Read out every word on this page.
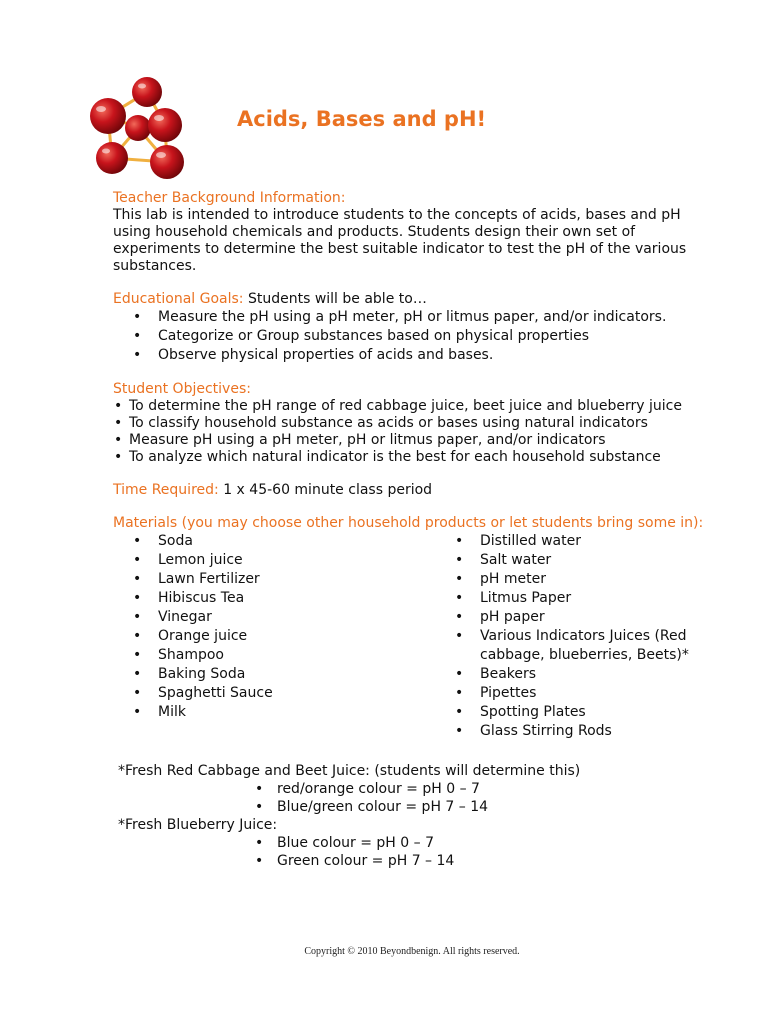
Acids, Bases and pH!
Teacher Background Information:

This lab is intended to introduce students to the concepts of acids, bases and pH using household chemicals and products. Students design their own set of experiments to determine the best suitable indicator to test the pH of the various substances.

Educational Goals: Students will be able to…
• Measure the pH using a pH meter, pH or litmus paper, and/or indicators.
• Categorize or Group substances based on physical properties
• Observe physical properties of acids and bases.
Student Objectives:
• To determine the pH range of red cabbage juice, beet juice and blueberry juice
• To classify household substance as acids or bases using natural indicators
• Measure pH using a pH meter, pH or litmus paper, and/or indicators
• To analyze which natural indicator is the best for each household substance
Time Required: 1 x 45-60 minute class period
Materials (you may choose other household products or let students bring some in):
• Soda
• Lemon juice
• Lawn Fertilizer
• Hibiscus Tea
• Vinegar
• Orange juice
• Shampoo
• Baking Soda
• Spaghetti Sauce
• Milk
• Distilled water
• Salt water
• pH meter
• Litmus Paper
• pH paper
• Various Indicators Juices (Red cabbage, blueberries, Beets)*
• Beakers
• Pipettes
• Spotting Plates
• Glass Stirring Rods
*Fresh Red Cabbage and Beet Juice: (students will determine this)
• red/orange colour = pH 0 – 7
• Blue/green colour = pH 7 – 14
*Fresh Blueberry Juice:
• Blue colour = pH 0 – 7
• Green colour = pH 7 – 14
Copyright © 2010 Beyondbenign. All rights reserved.
